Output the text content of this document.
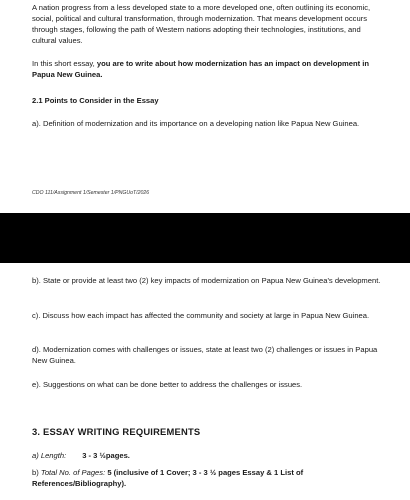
A nation progress from a less developed state to a more developed one, often outlining its economic, social, political and cultural transformation, through modernization. That means development occurs through stages, following the path of Western nations adopting their technologies, institutions, and cultural values.

In this short essay, you are to write about how modernization has an impact on development in Papua New Guinea.

2.1 Points to Consider in the Essay

a). Definition of modernization and its importance on a developing nation like Papua New Guinea.

CDO 111/Assignment 1/Semester 1/PNGUoT/2026

b). State or provide at least two (2) key impacts of modernization on Papua New Guinea's development.

c). Discuss how each impact has affected the community and society at large in Papua New Guinea.

d). Modernization comes with challenges or issues, state at least two (2) challenges or issues in Papua New Guinea.

e). Suggestions on what can be done better to address the challenges or issues.

3. ESSAY WRITING REQUIREMENTS
a) Length: 3 - 3 ½pages.
b) Total No. of Pages: 5 (inclusive of 1 Cover; 3 - 3 ½ pages Essay & 1 List of References/Bibliography).
